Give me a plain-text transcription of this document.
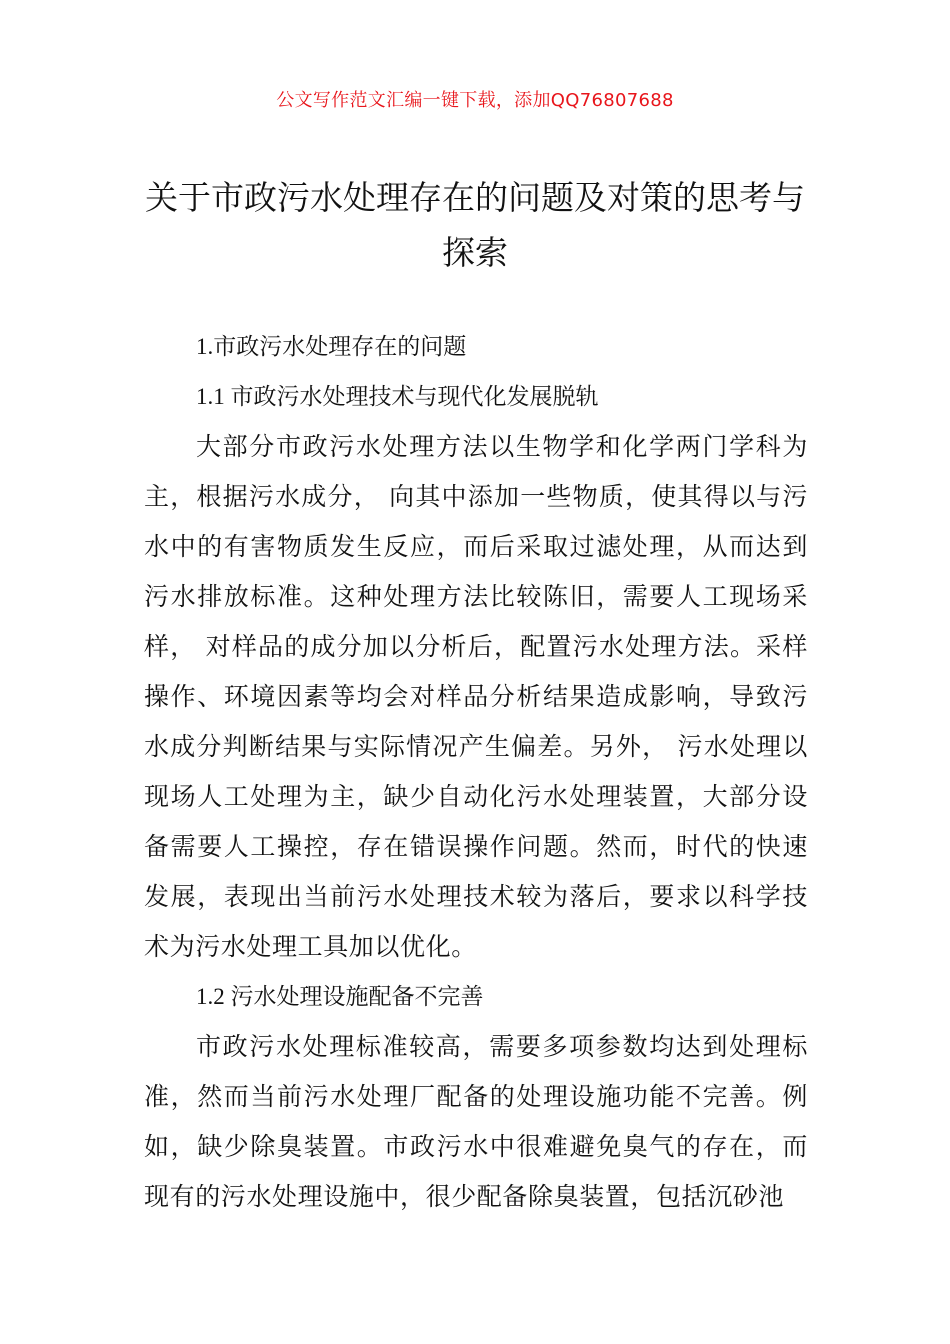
公文写作范文汇编一键下载，添加QQ76807688
关于市政污水处理存在的问题及对策的思考与探索

1.市政污水处理存在的问题

1.1 市政污水处理技术与现代化发展脱轨

大部分市政污水处理方法以生物学和化学两门学科为主，根据污水成分， 向其中添加一些物质，使其得以与污水中的有害物质发生反应，而后采取过滤处理，从而达到污水排放标准。这种处理方法比较陈旧，需要人工现场采样， 对样品的成分加以分析后，配置污水处理方法。采样操作、环境因素等均会对样品分析结果造成影响，导致污水成分判断结果与实际情况产生偏差。另外， 污水处理以现场人工处理为主，缺少自动化污水处理装置，大部分设备需要人工操控，存在错误操作问题。然而，时代的快速发展，表现出当前污水处理技术较为落后，要求以科学技术为污水处理工具加以优化。

1.2 污水处理设施配备不完善

市政污水处理标准较高，需要多项参数均达到处理标准，然而当前污水处理厂配备的处理设施功能不完善。例如，缺少除臭装置。市政污水中很难避免臭气的存在，而现有的污水处理设施中，很少配备除臭装置，包括沉砂池
